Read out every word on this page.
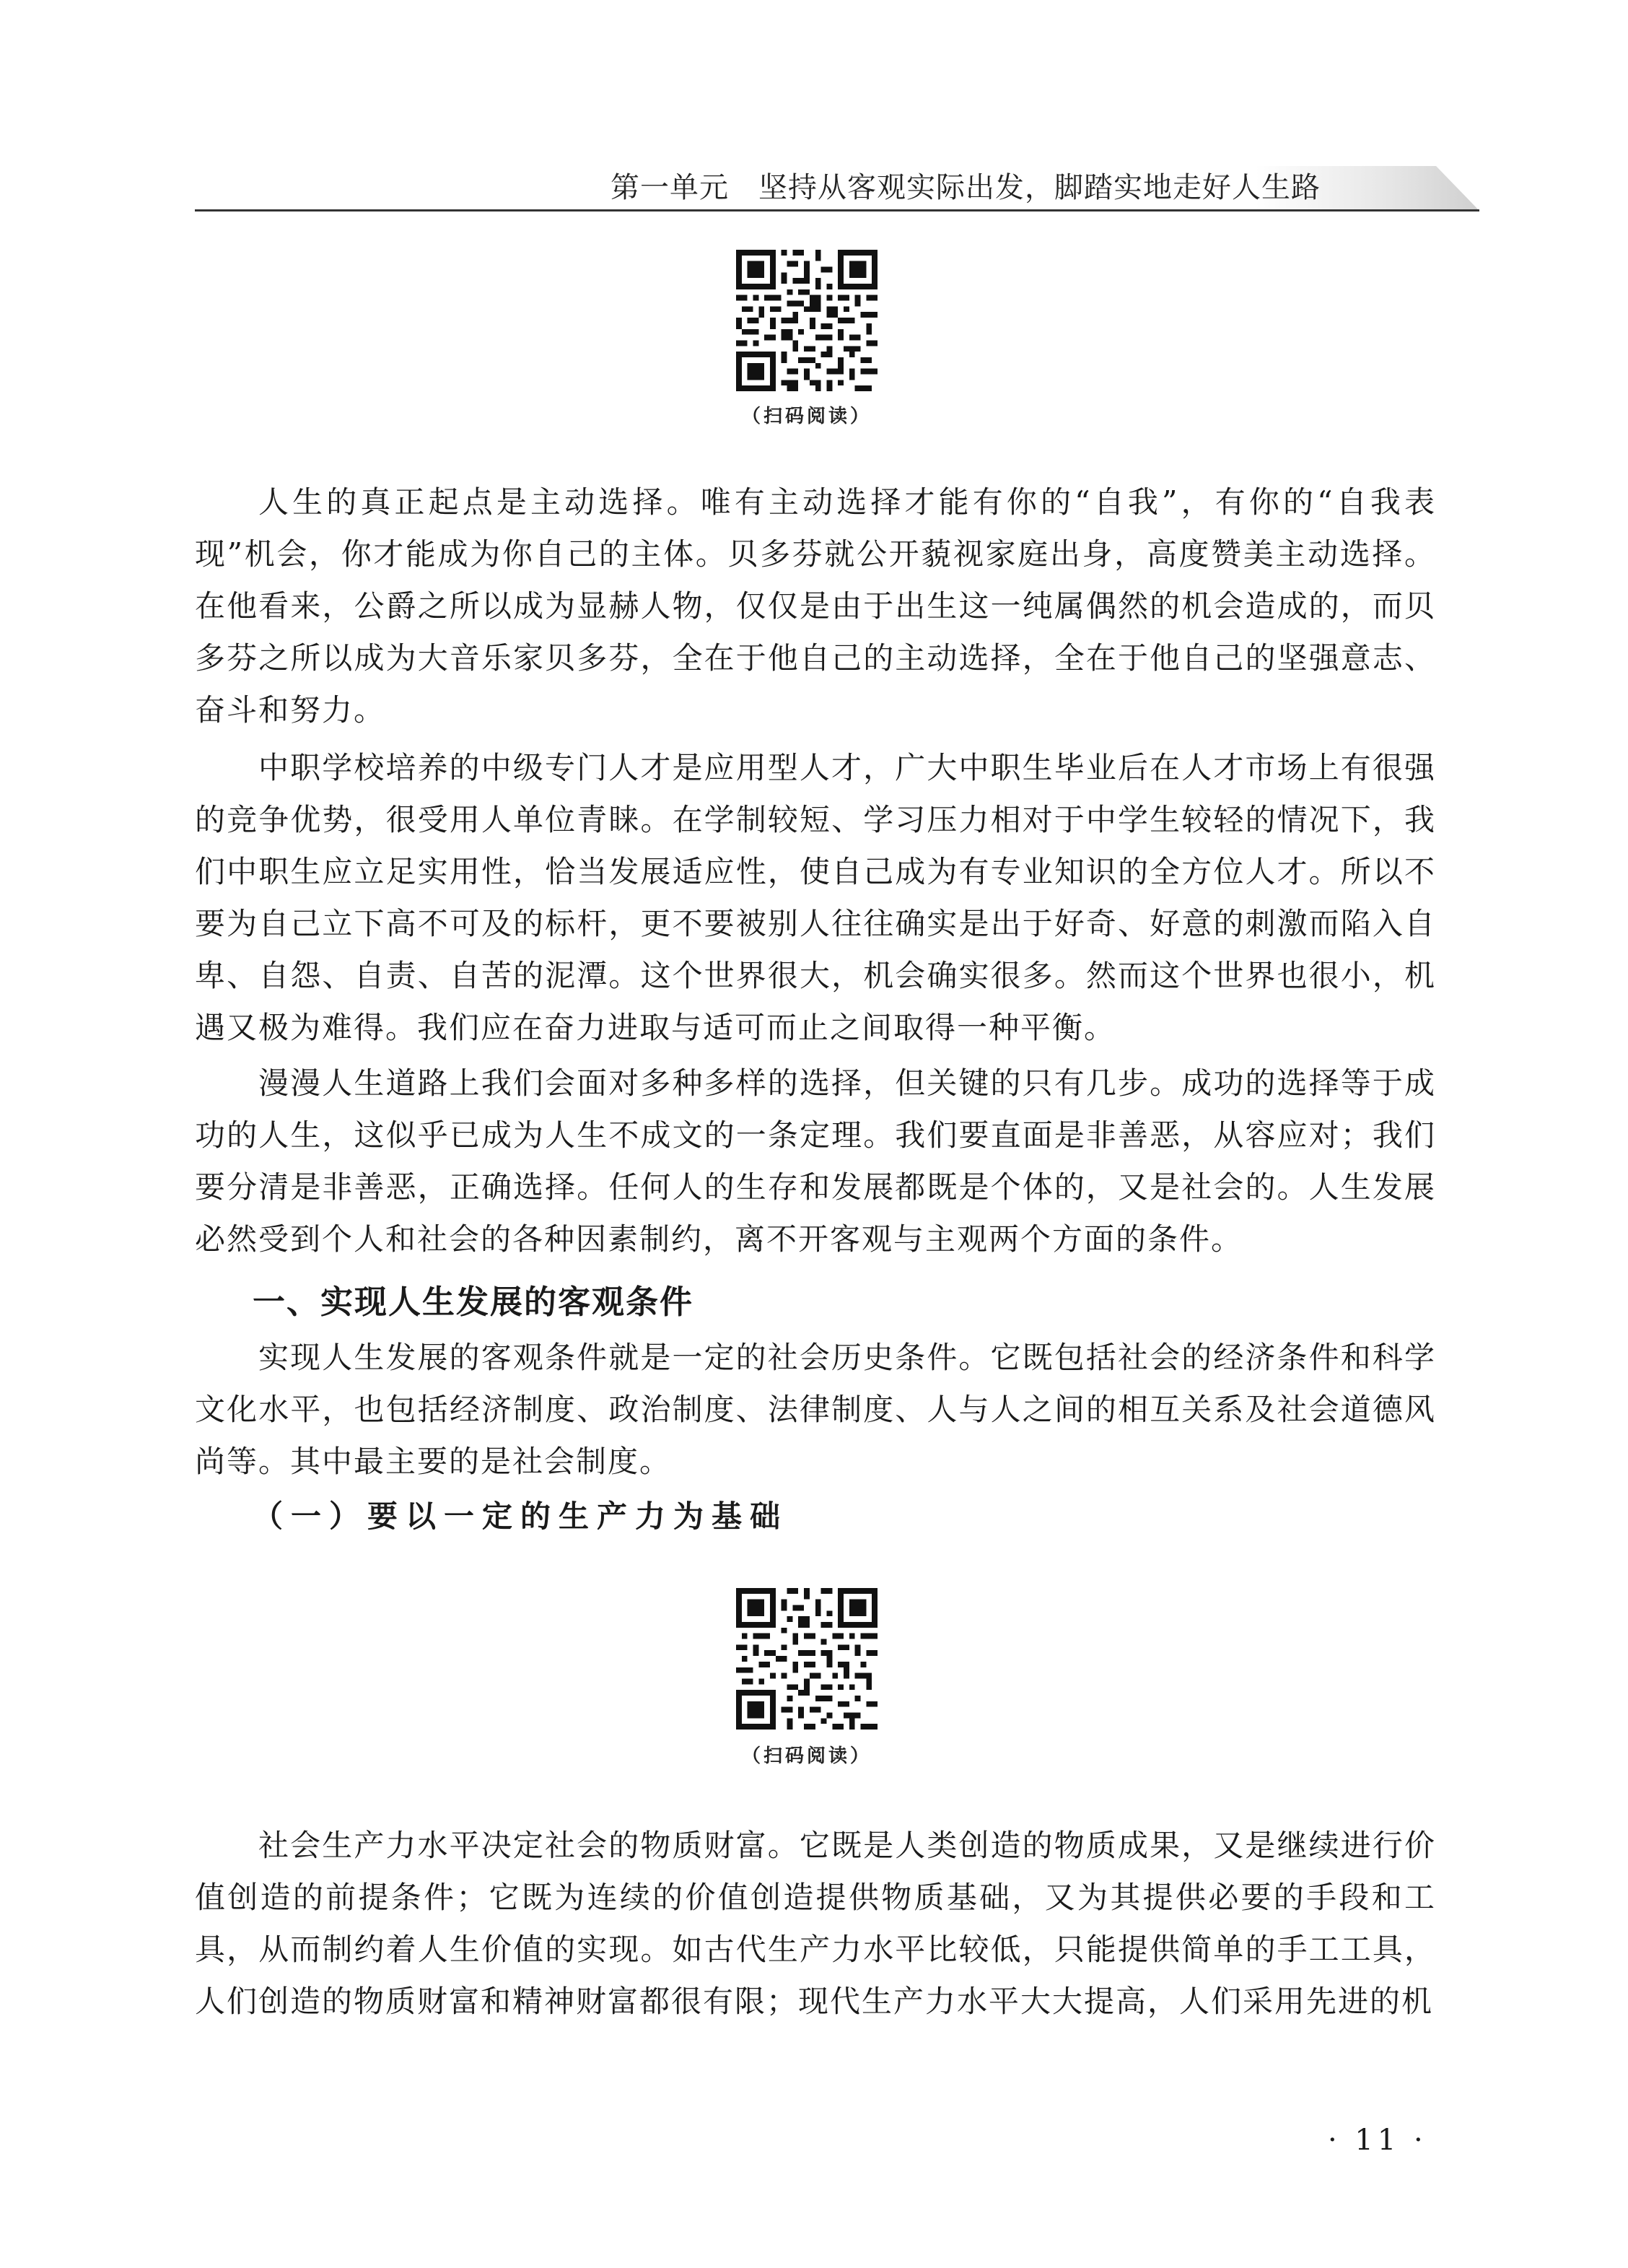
第一单元　坚持从客观实际出发，脚踏实地走好人生路
（扫码阅读）

人生的真正起点是主动选择。唯有主动选择才能有你的“自我”，有你的“自我表现”机会，你才能成为你自己的主体。贝多芬就公开藐视家庭出身，高度赞美主动选择。在他看来，公爵之所以成为显赫人物，仅仅是由于出生这一纯属偶然的机会造成的，而贝多芬之所以成为大音乐家贝多芬，全在于他自己的主动选择，全在于他自己的坚强意志、奋斗和努力。

中职学校培养的中级专门人才是应用型人才，广大中职生毕业后在人才市场上有很强的竞争优势，很受用人单位青睐。在学制较短、学习压力相对于中学生较轻的情况下，我们中职生应立足实用性，恰当发展适应性，使自己成为有专业知识的全方位人才。所以不要为自己立下高不可及的标杆，更不要被别人往往确实是出于好奇、好意的刺激而陷入自卑、自怨、自责、自苦的泥潭。这个世界很大，机会确实很多。然而这个世界也很小，机遇又极为难得。我们应在奋力进取与适可而止之间取得一种平衡。

漫漫人生道路上我们会面对多种多样的选择，但关键的只有几步。成功的选择等于成功的人生，这似乎已成为人生不成文的一条定理。我们要直面是非善恶，从容应对；我们要分清是非善恶，正确选择。任何人的生存和发展都既是个体的，又是社会的。人生发展必然受到个人和社会的各种因素制约，离不开客观与主观两个方面的条件。

一、实现人生发展的客观条件

实现人生发展的客观条件就是一定的社会历史条件。它既包括社会的经济条件和科学文化水平，也包括经济制度、政治制度、法律制度、人与人之间的相互关系及社会道德风尚等。其中最主要的是社会制度。

（一）要以一定的生产力为基础
（扫码阅读）

社会生产力水平决定社会的物质财富。它既是人类创造的物质成果，又是继续进行价值创造的前提条件；它既为连续的价值创造提供物质基础，又为其提供必要的手段和工具，从而制约着人生价值的实现。如古代生产力水平比较低，只能提供简单的手工工具，人们创造的物质财富和精神财富都很有限；现代生产力水平大大提高，人们采用先进的机

· 11 ·
